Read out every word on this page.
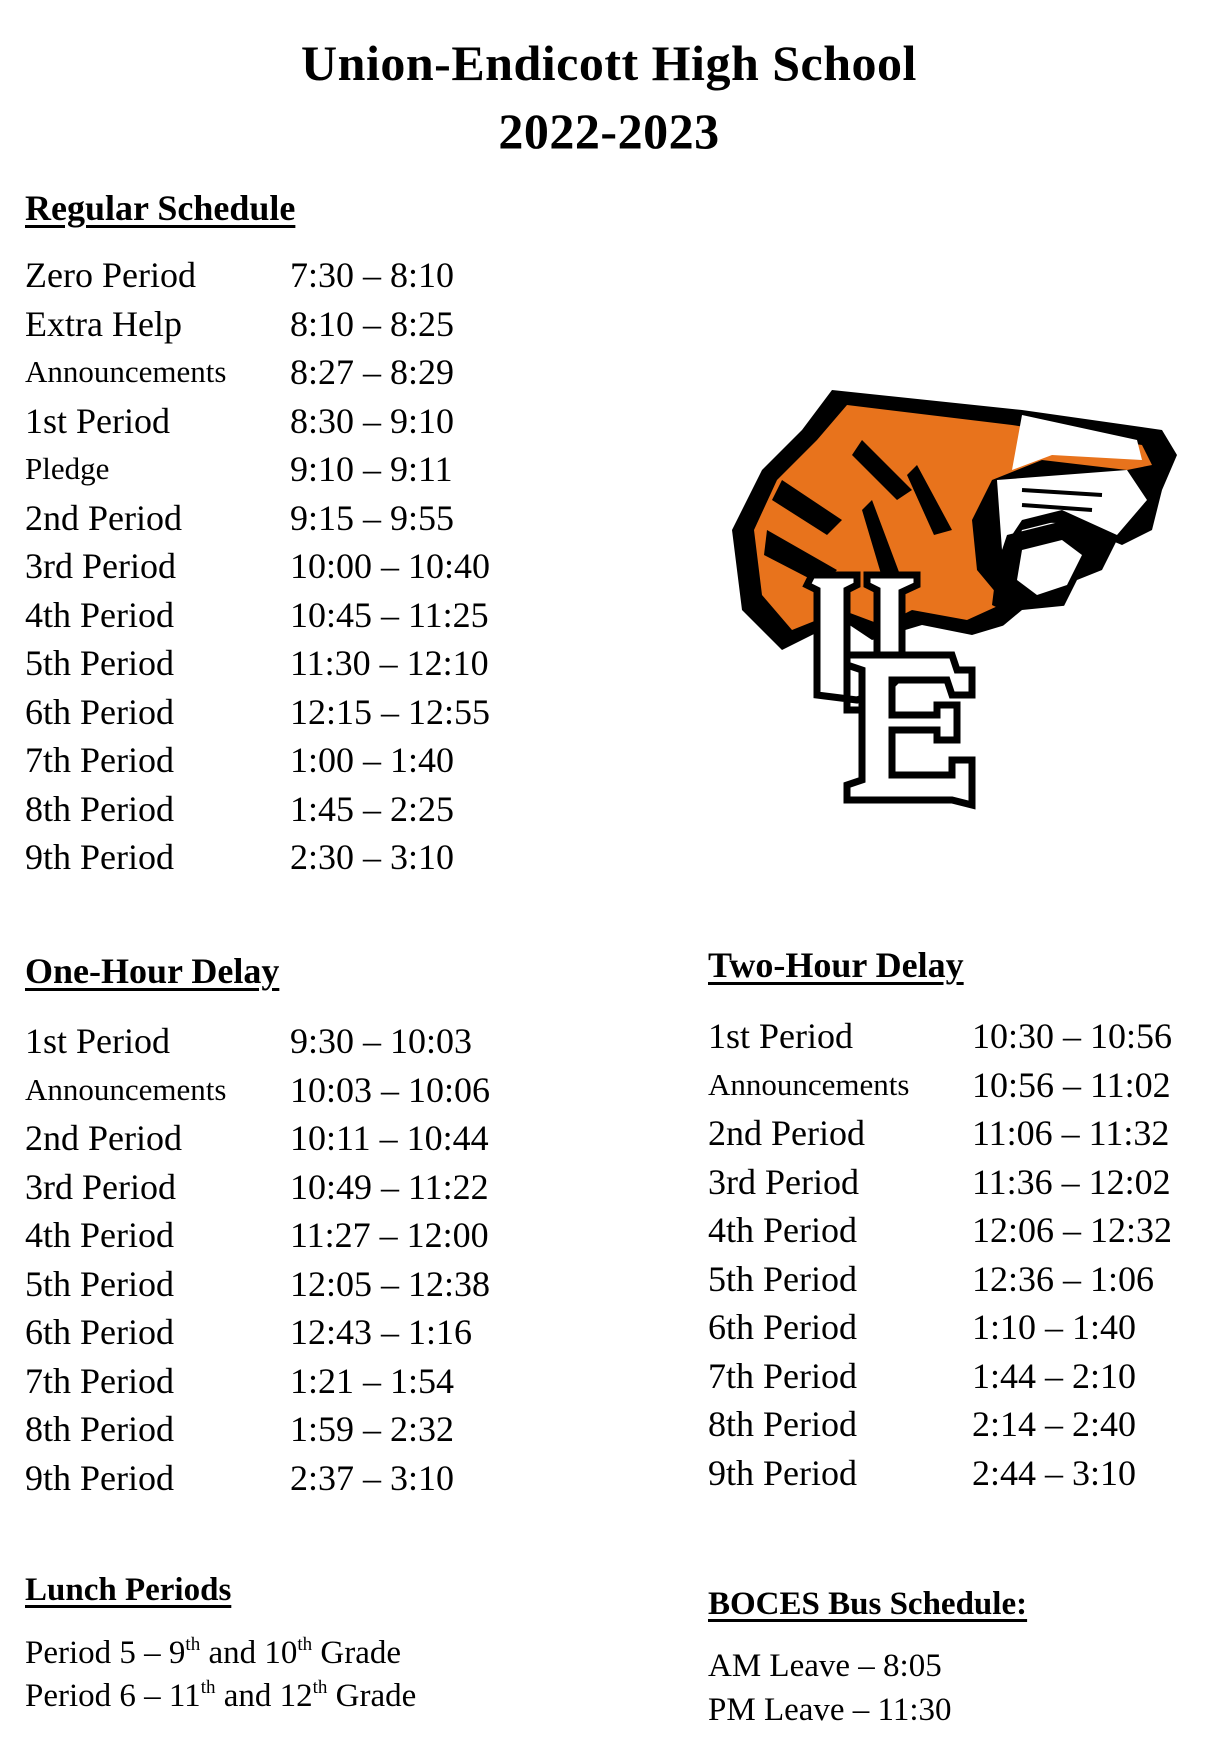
Union-Endicott High School
2022-2023
Regular Schedule
Zero Period	7:30 – 8:10
Extra Help	8:10 – 8:25
Announcements 8:27 – 8:29
1st Period	8:30 – 9:10
Pledge	9:10 – 9:11
2nd Period	9:15 – 9:55
3rd Period	10:00 – 10:40
4th Period	10:45 – 11:25
5th Period	11:30 – 12:10
6th Period	12:15 – 12:55
7th Period	1:00 – 1:40
8th Period	1:45 – 2:25
9th Period	2:30 – 3:10
One-Hour Delay
1st Period	9:30 – 10:03
Announcements 10:03 – 10:06
2nd Period	10:11 – 10:44
3rd Period	10:49 – 11:22
4th Period	11:27 – 12:00
5th Period	12:05 – 12:38
6th Period	12:43 – 1:16
7th Period	1:21 – 1:54
8th Period	1:59 – 2:32
9th Period	2:37 – 3:10
Two-Hour Delay
1st Period	10:30 – 10:56
Announcements 10:56 – 11:02
2nd Period	11:06 – 11:32
3rd Period	11:36 – 12:02
4th Period	12:06 – 12:32
5th Period	12:36 – 1:06
6th Period	1:10 – 1:40
7th Period	1:44 – 2:10
8th Period	2:14 – 2:40
9th Period	2:44 – 3:10
Lunch Periods
Period 5 – 9th and 10th Grade
Period 6 – 11th and 12th Grade
BOCES Bus Schedule:
AM Leave – 8:05
PM Leave – 11:30
